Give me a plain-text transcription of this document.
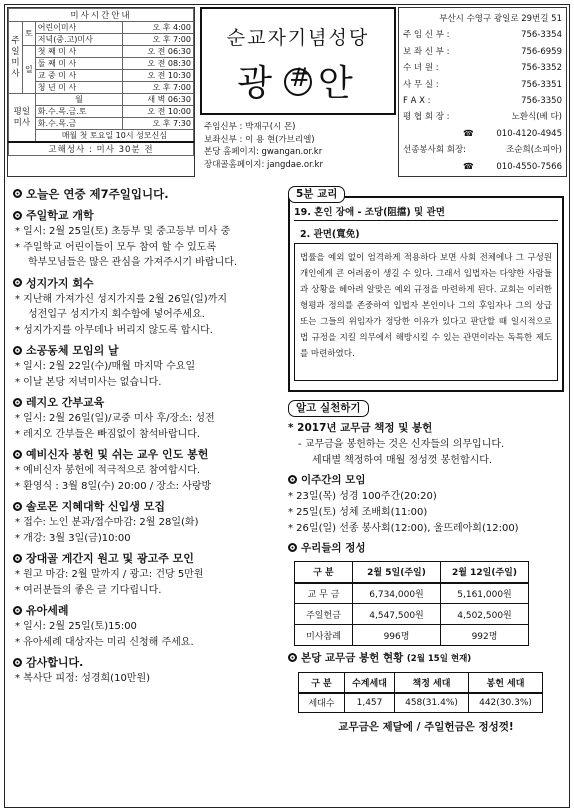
미사시간안내			
주일미사	토	어린이미사	오 후 4:00
		저녁(중.고)미사	오 후 7:00
	일	첫 째 미 사	오 전 06:30
		둘 째 미 사	오 전 08:30
		교 중 미 사	오 전 10:30
		청 년 미 사	오 후 7:00
평일미사		월	새 벽 06:30
		화.수.목.금.토	오 전 10:00
		화.수.목.금	오 후 7:30
		매월 첫 토요일 10시 성모신심	
고해성사 : 미사 30분 전			
순교자기념성당
광 # 안
주임신부 : 박재구(시 몬)
보좌신부 : 이 용 현(가브리엘)
본당 홈페이지: gwangan.or.kr
장대골홈페이지: jangdae.or.kr
부산시 수영구 광일로 29번길 51
주 임 신 부 :	756-3354
보 좌 신 부 :	756-6959
수 녀 원 :	756-3352
사 무 실 :	756-3351
F A X :	756-3350
평 협 회 장 :	노환식(베 다)
☎	010-4120-4945
선종봉사회 회장:	조순희(소피아)
☎	010-4550-7566
오늘은 연중 제7주일입니다.
주일학교 개학
* 일시: 2월 25일(토) 초등부 및 중고등부 미사 중
* 주일학교 어린이들이 모두 참여 할 수 있도록
학부모님들은 많은 관심을 가져주시기 바랍니다.
성지가지 회수
* 지난해 가져가신 성지가지를 2월 26일(일)까지
성전입구 성지가지 회수함에 넣어주세요.
* 성지가지를 아무데나 버리지 않도록 합시다.
소공동체 모임의 날
* 일시: 2월 22일(수)/매월 마지막 수요일
* 이날 본당 저녁미사는 없습니다.
레지오 간부교육
* 일시: 2월 26일(일)/교중 미사 후/장소: 성전
* 레지오 간부들은 빠짐없이 참석바랍니다.
예비신자 봉헌 및 쉬는 교우 인도 봉헌
* 예비신자 봉헌에 적극적으로 참여합시다.
* 환영식 : 3월 8일(수) 20:00 / 장소: 사랑방
솔로몬 지혜대학 신입생 모집
* 접수: 노인 분과/접수마감: 2월 28일(화)
* 개강: 3월 3일(금)10:00
장대골 게간지 원고 및 광고주 모인
* 원고 마감: 2월 말까지 / 광고: 건당 5만원
* 여러분들의 좋은 글 기다립니다.
유아세례
* 일시: 2월 25일(토)15:00
* 유아세례 대상자는 미리 신청해 주세요.
감사합니다.
* 복사단 피정: 성경희(10만원)
5분 교리
19. 혼인 장애 - 조당(阻擋) 및 관면
2. 관면(寬免)
법률을 예외 없이 엄격하게 적용하다 보면 사회 전체에나 그 구성원 개인에게 큰 어려움이 생길 수 있다. 그래서 입법자는 다양한 사람들과 상황을 헤아려 알맞은 예외 규정을 마련하게 된다. 교회는 이러한 형평과 정의를 존중하여 입법자 본인이나 그의 후임자나 그의 상급 또는 그들의 위임자가 정당한 이유가 있다고 판단할 때 일시적으로 법 규정을 지킬 의무에서 해방시킬 수 있는 관면이라는 독특한 제도를 마련하였다.
알고 실천하기
* 2017년 교무금 책정 및 봉헌
- 교무금을 봉헌하는 것은 신자들의 의무입니다.
세대별 책정하여 매월 정성껏 봉헌합시다.
이주간의 모임
* 23일(목) 성경 100주간(20:20)
* 25일(토) 성체 조배회(11:00)
* 26일(일) 선종 봉사회(12:00), 울뜨레아회(12:00)
우리들의 정성
구 분	2월 5일(주일)	2월 12일(주일)
교 무 금	6,734,000원	5,161,000원
주일헌금	4,547,500원	4,502,500원
미사참례	996명	992명
본당 교무금 봉헌 현황 (2월 15일 현재)
구 분	수계세대	책정 세대	봉헌 세대
세대수	1,457	458(31.4%)	442(30.3%)
교무금은 제달에 / 주일헌금은 정성껏!
